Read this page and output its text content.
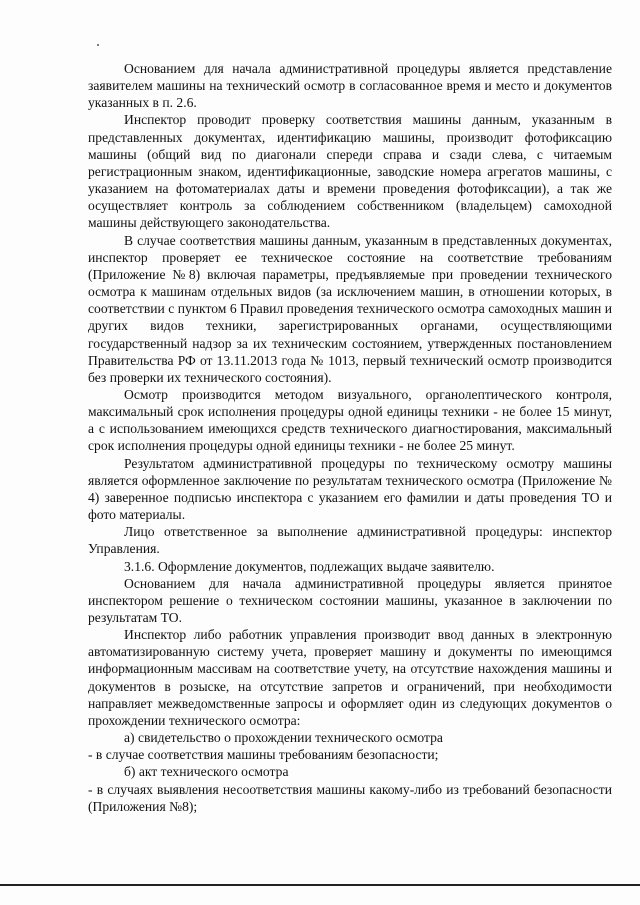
Основанием для начала административной процедуры является представление заявителем машины на технический осмотр в согласованное время и место и документов указанных в п. 2.6.

Инспектор проводит проверку соответствия машины данным, указанным в представленных документах, идентификацию машины, производит фотофиксацию машины (общий вид по диагонали спереди справа и сзади слева, с читаемым регистрационным знаком, идентификационные, заводские номера агрегатов машины, с указанием на фотоматериалах даты и времени проведения фотофиксации), а так же осуществляет контроль за соблюдением собственником (владельцем) самоходной машины действующего законодательства.

В случае соответствия машины данным, указанным в представленных документах, инспектор проверяет ее техническое состояние на соответствие требованиям (Приложение №8) включая параметры, предъявляемые при проведении технического осмотра к машинам отдельных видов (за исключением машин, в отношении которых, в соответствии с пунктом 6 Правил проведения технического осмотра самоходных машин и других видов техники, зарегистрированных органами, осуществляющими государственный надзор за их техническим состоянием, утвержденных постановлением Правительства РФ от 13.11.2013 года № 1013, первый технический осмотр производится без проверки их технического состояния).

Осмотр производится методом визуального, органолептического контроля, максимальный срок исполнения процедуры одной единицы техники - не более 15 минут, а с использованием имеющихся средств технического диагностирования, максимальный срок исполнения процедуры одной единицы техники - не более 25 минут.

Результатом административной процедуры по техническому осмотру машины является оформленное заключение по результатам технического осмотра (Приложение № 4) заверенное подписью инспектора с указанием его фамилии и даты проведения ТО и фото материалы.

Лицо ответственное за выполнение административной процедуры: инспектор Управления.

3.1.6. Оформление документов, подлежащих выдаче заявителю.

Основанием для начала административной процедуры является принятое инспектором решение о техническом состоянии машины, указанное в заключении по результатам ТО.

Инспектор либо работник управления производит ввод данных в электронную автоматизированную систему учета, проверяет машину и документы по имеющимся информационным массивам на соответствие учету, на отсутствие нахождения машины и документов в розыске, на отсутствие запретов и ограничений, при необходимости направляет межведомственные запросы и оформляет один из следующих документов о прохождении технического осмотра:

а) свидетельство о прохождении технического осмотра

- в случае соответствия машины требованиям безопасности;

б) акт технического осмотра

- в случаях выявления несоответствия машины какому-либо из требований безопасности (Приложения №8);
